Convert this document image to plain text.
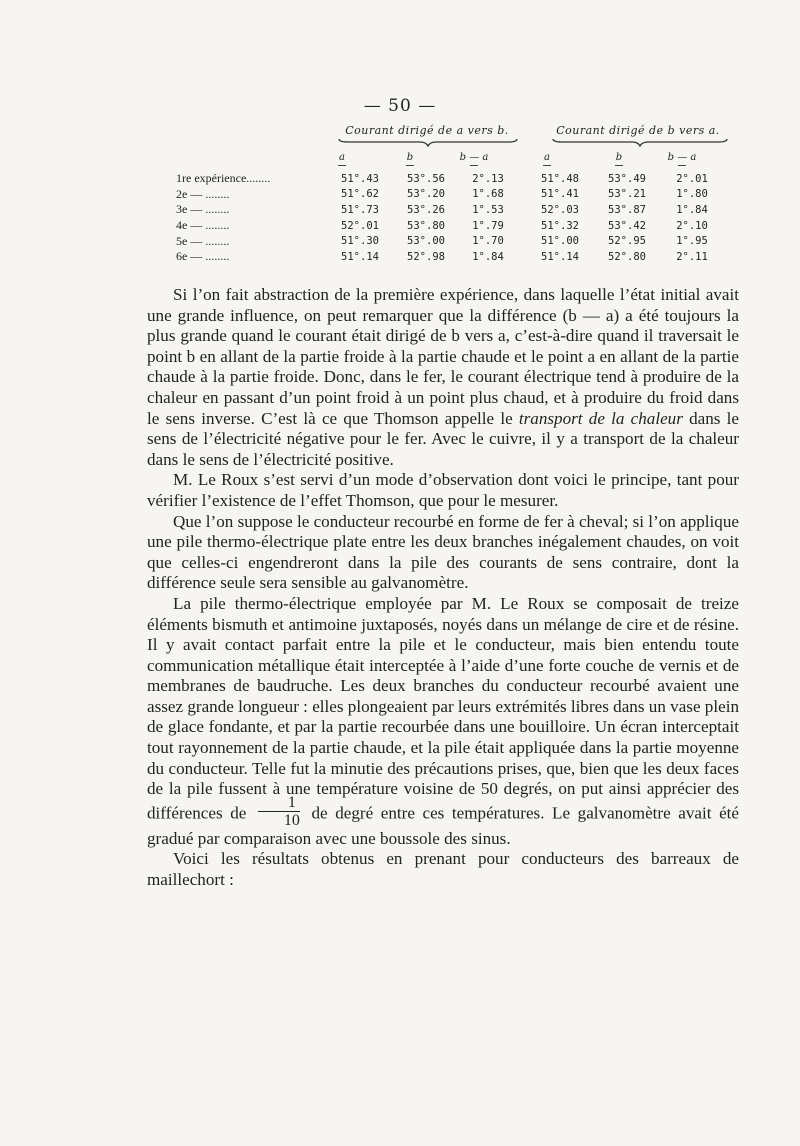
— 50 —
Courant dirigé de a vers b.	Courant dirigé de b vers a.
a	b	b — a	a	b	b — a
1re expérience........	51°.43	53°.56	2°.13		51°.48	53°.49	2°.01
2e — ........	51°.62	53°.20	1°.68		51°.41	53°.21	1°.80
3e — ........	51°.73	53°.26	1°.53		52°.03	53°.87	1°.84
4e — ........	52°.01	53°.80	1°.79		51°.32	53°.42	2°.10
5e — ........	51°.30	53°.00	1°.70		51°.00	52°.95	1°.95
6e — ........	51°.14	52°.98	1°.84		51°.14	52°.80	2°.11

Si l’on fait abstraction de la première expérience, dans laquelle l’état initial avait une grande influence, on peut remarquer que la différence (b — a) a été toujours la plus grande quand le courant était dirigé de b vers a, c’est-à-dire quand il traversait le point b en allant de la partie froide à la partie chaude et le point a en allant de la partie chaude à la partie froide. Donc, dans le fer, le courant électrique tend à produire de la chaleur en passant d’un point froid à un point plus chaud, et à produire du froid dans le sens inverse. C’est là ce que Thomson appelle le transport de la chaleur dans le sens de l’électricité négative pour le fer. Avec le cuivre, il y a transport de la chaleur dans le sens de l’électricité positive.

M. Le Roux s’est servi d’un mode d’observation dont voici le principe, tant pour vérifier l’existence de l’effet Thomson, que pour le mesurer.

Que l’on suppose le conducteur recourbé en forme de fer à cheval; si l’on applique une pile thermo-électrique plate entre les deux branches inégalement chaudes, on voit que celles-ci engendreront dans la pile des courants de sens contraire, dont la différence seule sera sensible au galvanomètre.

La pile thermo-électrique employée par M. Le Roux se composait de treize éléments bismuth et antimoine juxtaposés, noyés dans un mélange de cire et de résine. Il y avait contact parfait entre la pile et le conducteur, mais bien entendu toute communication métallique était interceptée à l’aide d’une forte couche de vernis et de membranes de baudruche. Les deux branches du conducteur recourbé avaient une assez grande longueur : elles plongeaient par leurs extrémités libres dans un vase plein de glace fondante, et par la partie recourbée dans une bouilloire. Un écran interceptait tout rayonnement de la partie chaude, et la pile était appliquée dans la partie moyenne du conducteur. Telle fut la minutie des précautions prises, que, bien que les deux faces de la pile fussent à une température voisine de 50 degrés, on put ainsi apprécier des différences de $\frac{1}{10}$ de degré entre ces températures. Le galvanomètre avait été gradué par comparaison avec une boussole des sinus.

Voici les résultats obtenus en prenant pour conducteurs des barreaux de maillechort :
